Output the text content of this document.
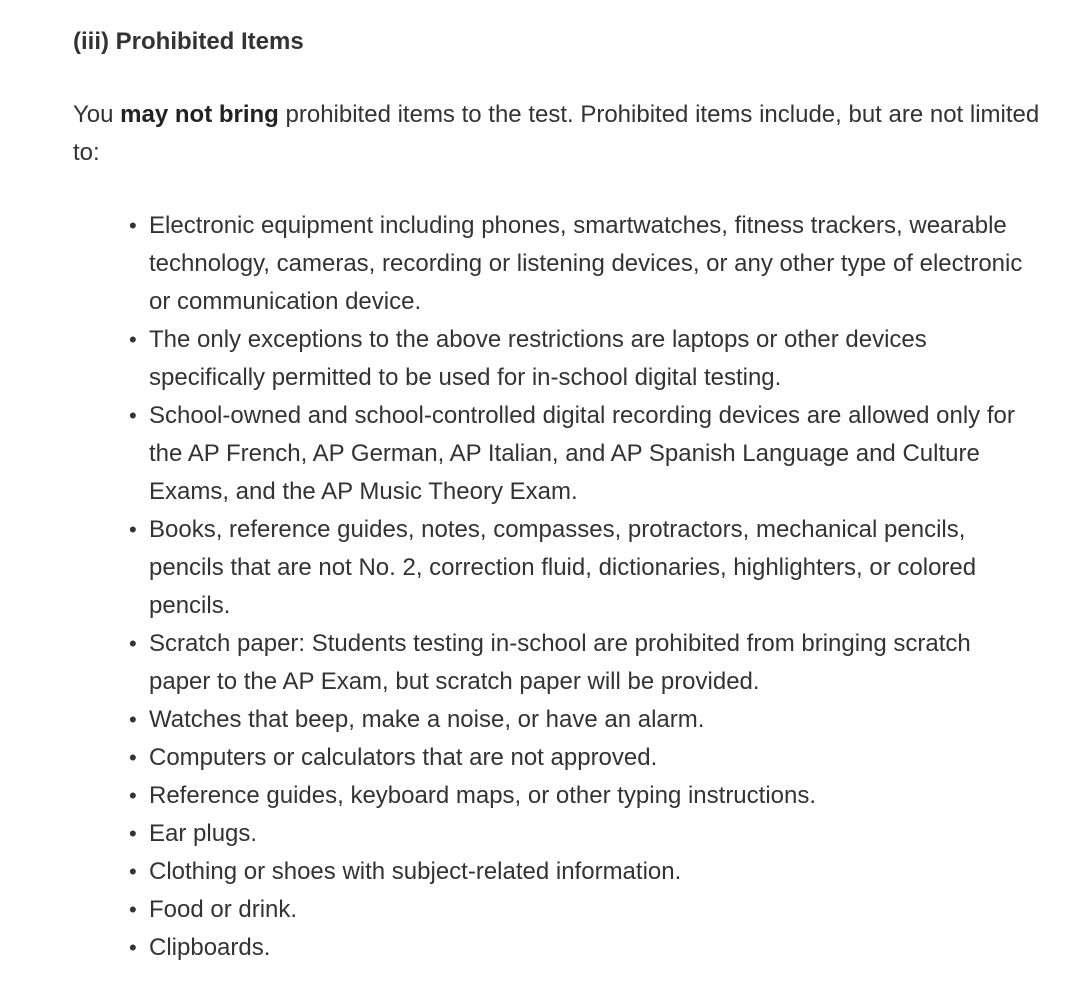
(iii) Prohibited Items

You may not bring prohibited items to the test. Prohibited items include, but are not limited to:

• Electronic equipment including phones, smartwatches, fitness trackers, wearable technology, cameras, recording or listening devices, or any other type of electronic or communication device.
• The only exceptions to the above restrictions are laptops or other devices specifically permitted to be used for in-school digital testing.
• School-owned and school-controlled digital recording devices are allowed only for the AP French, AP German, AP Italian, and AP Spanish Language and Culture Exams, and the AP Music Theory Exam.
• Books, reference guides, notes, compasses, protractors, mechanical pencils, pencils that are not No. 2, correction fluid, dictionaries, highlighters, or colored pencils.
• Scratch paper: Students testing in-school are prohibited from bringing scratch paper to the AP Exam, but scratch paper will be provided.
• Watches that beep, make a noise, or have an alarm.
• Computers or calculators that are not approved.
• Reference guides, keyboard maps, or other typing instructions.
• Ear plugs.
• Clothing or shoes with subject-related information.
• Food or drink.
• Clipboards.
